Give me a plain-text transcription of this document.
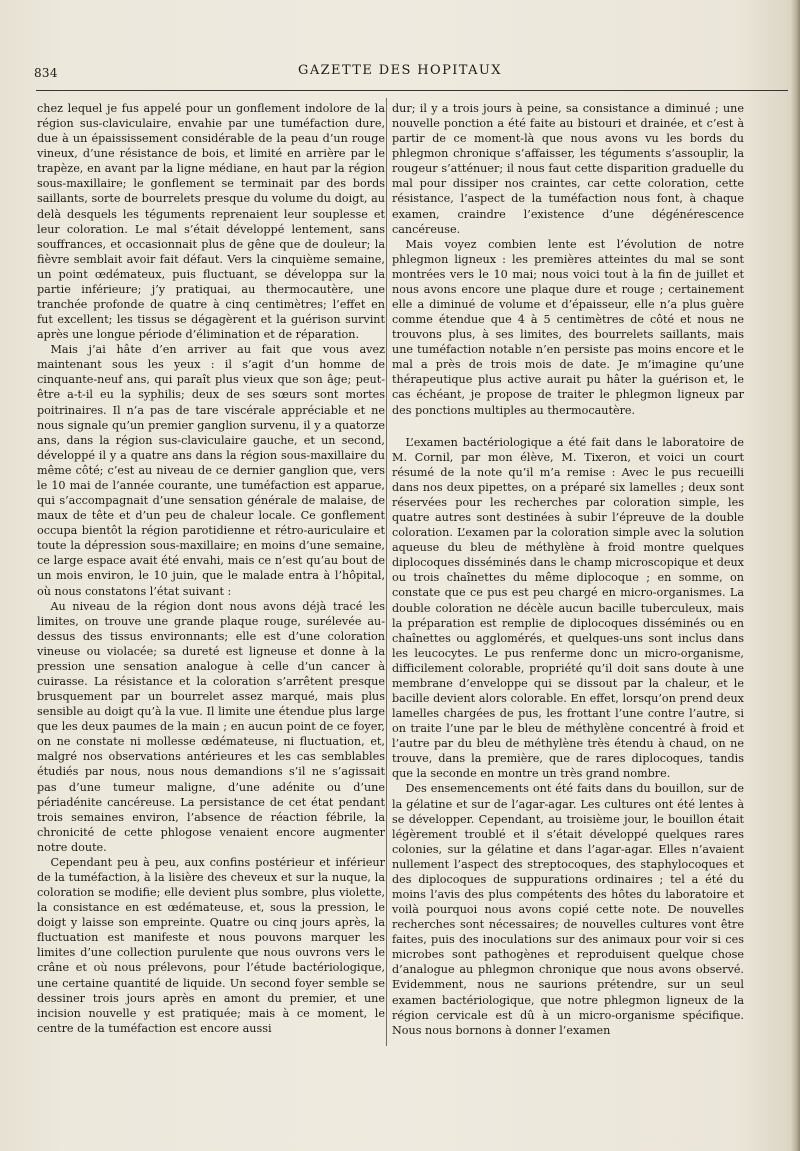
834	GAZETTE DES HOPITAUX

chez lequel je fus appelé pour un gonflement indolore de la région sus-claviculaire, envahie par une tuméfaction dure, due à un épaississement considérable de la peau d’un rouge vineux, d’une résistance de bois, et limité en arrière par le trapèze, en avant par la ligne médiane, en haut par la région sous-maxillaire; le gonflement se terminait par des bords saillants, sorte de bourrelets presque du volume du doigt, au delà desquels les téguments reprenaient leur souplesse et leur coloration. Le mal s’était développé lentement, sans souffrances, et occasionnait plus de gêne que de douleur; la fièvre semblait avoir fait défaut. Vers la cinquième semaine, un point œdémateux, puis fluctuant, se développa sur la partie inférieure; j’y pratiquai, au thermocautère, une tranchée profonde de quatre à cinq centimètres; l’effet en fut excellent; les tissus se dégagèrent et la guérison survint après une longue période d’élimination et de réparation.

Mais j’ai hâte d’en arriver au fait que vous avez maintenant sous les yeux : il s’agit d’un homme de cinquante-neuf ans, qui paraît plus vieux que son âge; peut-être a-t-il eu la syphilis; deux de ses sœurs sont mortes poitrinaires. Il n’a pas de tare viscérale appréciable et ne nous signale qu’un premier ganglion survenu, il y a quatorze ans, dans la région sus-claviculaire gauche, et un second, développé il y a quatre ans dans la région sous-maxillaire du même côté; c’est au niveau de ce dernier ganglion que, vers le 10 mai de l’année courante, une tuméfaction est apparue, qui s’accompagnait d’une sensation générale de malaise, de maux de tête et d’un peu de chaleur locale. Ce gonflement occupa bientôt la région parotidienne et rétro-auriculaire et toute la dépression sous-maxillaire; en moins d’une semaine, ce large espace avait été envahi, mais ce n’est qu’au bout de un mois environ, le 10 juin, que le malade entra à l’hôpital, où nous constatons l’état suivant :

Au niveau de la région dont nous avons déjà tracé les limites, on trouve une grande plaque rouge, surélevée au-dessus des tissus environnants; elle est d’une coloration vineuse ou violacée; sa dureté est ligneuse et donne à la pression une sensation analogue à celle d’un cancer à cuirasse. La résistance et la coloration s’arrêtent presque brusquement par un bourrelet assez marqué, mais plus sensible au doigt qu’à la vue. Il limite une étendue plus large que les deux paumes de la main ; en aucun point de ce foyer, on ne constate ni mollesse œdémateuse, ni fluctuation, et, malgré nos observations antérieures et les cas semblables étudiés par nous, nous nous demandions s’il ne s’agissait pas d’une tumeur maligne, d’une adénite ou d’une périadénite cancéreuse. La persistance de cet état pendant trois semaines environ, l’absence de réaction fébrile, la chronicité de cette phlogose venaient encore augmenter notre doute.

Cependant peu à peu, aux confins postérieur et inférieur de la tuméfaction, à la lisière des cheveux et sur la nuque, la coloration se modifie; elle devient plus sombre, plus violette, la consistance en est œdémateuse, et, sous la pression, le doigt y laisse son empreinte. Quatre ou cinq jours après, la fluctuation est manifeste et nous pouvons marquer les limites d’une collection purulente que nous ouvrons vers le crâne et où nous prélevons, pour l’étude bactériologique, une certaine quantité de liquide. Un second foyer semble se dessiner trois jours après en amont du premier, et une incision nouvelle y est pratiquée; mais à ce moment, le centre de la tuméfaction est encore aussi

dur; il y a trois jours à peine, sa consistance a diminué ; une nouvelle ponction a été faite au bistouri et drainée, et c’est à partir de ce moment-là que nous avons vu les bords du phlegmon chronique s’affaisser, les téguments s’assouplir, la rougeur s’atténuer; il nous faut cette disparition graduelle du mal pour dissiper nos craintes, car cette coloration, cette résistance, l’aspect de la tuméfaction nous font, à chaque examen, craindre l’existence d’une dégénérescence cancéreuse.

Mais voyez combien lente est l’évolution de notre phlegmon ligneux : les premières atteintes du mal se sont montrées vers le 10 mai; nous voici tout à la fin de juillet et nous avons encore une plaque dure et rouge ; certainement elle a diminué de volume et d’épaisseur, elle n’a plus guère comme étendue que 4 à 5 centimètres de côté et nous ne trouvons plus, à ses limites, des bourrelets saillants, mais une tuméfaction notable n’en persiste pas moins encore et le mal a près de trois mois de date. Je m’imagine qu’une thérapeutique plus active aurait pu hâter la guérison et, le cas échéant, je propose de traiter le phlegmon ligneux par des ponctions multiples au thermocautère.

L’examen bactériologique a été fait dans le laboratoire de M. Cornil, par mon élève, M. Tixeron, et voici un court résumé de la note qu’il m’a remise : Avec le pus recueilli dans nos deux pipettes, on a préparé six lamelles ; deux sont réservées pour les recherches par coloration simple, les quatre autres sont destinées à subir l’épreuve de la double coloration. L’examen par la coloration simple avec la solution aqueuse du bleu de méthylène à froid montre quelques diplocoques disséminés dans le champ microscopique et deux ou trois chaînettes du même diplocoque ; en somme, on constate que ce pus est peu chargé en micro-organismes. La double coloration ne décèle aucun bacille tuberculeux, mais la préparation est remplie de diplocoques disséminés ou en chaînettes ou agglomérés, et quelques-uns sont inclus dans les leucocytes. Le pus renferme donc un micro-organisme, difficilement colorable, propriété qu’il doit sans doute à une membrane d’enveloppe qui se dissout par la chaleur, et le bacille devient alors colorable. En effet, lorsqu’on prend deux lamelles chargées de pus, les frottant l’une contre l’autre, si on traite l’une par le bleu de méthylène concentré à froid et l’autre par du bleu de méthylène très étendu à chaud, on ne trouve, dans la première, que de rares diplocoques, tandis que la seconde en montre un très grand nombre.

Des ensemencements ont été faits dans du bouillon, sur de la gélatine et sur de l’agar-agar. Les cultures ont été lentes à se développer. Cependant, au troisième jour, le bouillon était légèrement troublé et il s’était développé quelques rares colonies, sur la gélatine et dans l’agar-agar. Elles n’avaient nullement l’aspect des streptocoques, des staphylocoques et des diplocoques de suppurations ordinaires ; tel a été du moins l’avis des plus compétents des hôtes du laboratoire et voilà pourquoi nous avons copié cette note. De nouvelles recherches sont nécessaires; de nouvelles cultures vont être faites, puis des inoculations sur des animaux pour voir si ces microbes sont pathogènes et reproduisent quelque chose d’analogue au phlegmon chronique que nous avons observé. Evidemment, nous ne saurions prétendre, sur un seul examen bactériologique, que notre phlegmon ligneux de la région cervicale est dû à un micro-organisme spécifique. Nous nous bornons à donner l’examen
